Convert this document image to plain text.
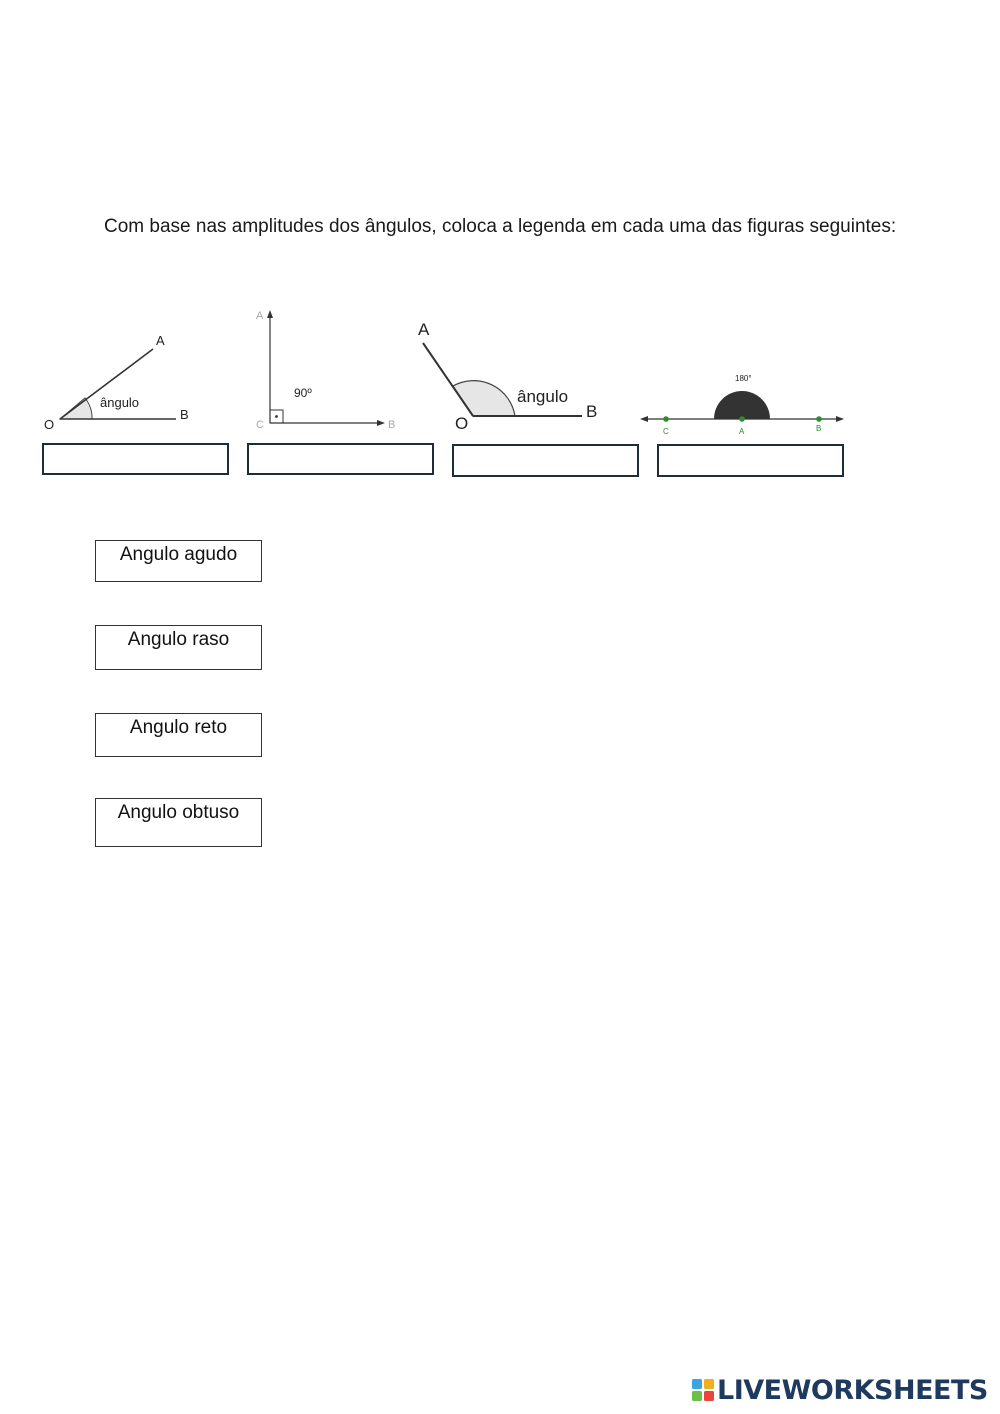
Com base nas amplitudes dos ângulos, coloca a legenda em cada uma das figuras seguintes:
O
A
B
ângulo
A
C	B
90º
A
O
B
ângulo
180°
C	A	B
Angulo agudo
Angulo raso
Angulo reto
Angulo obtuso
LIVEWORKSHEETS
